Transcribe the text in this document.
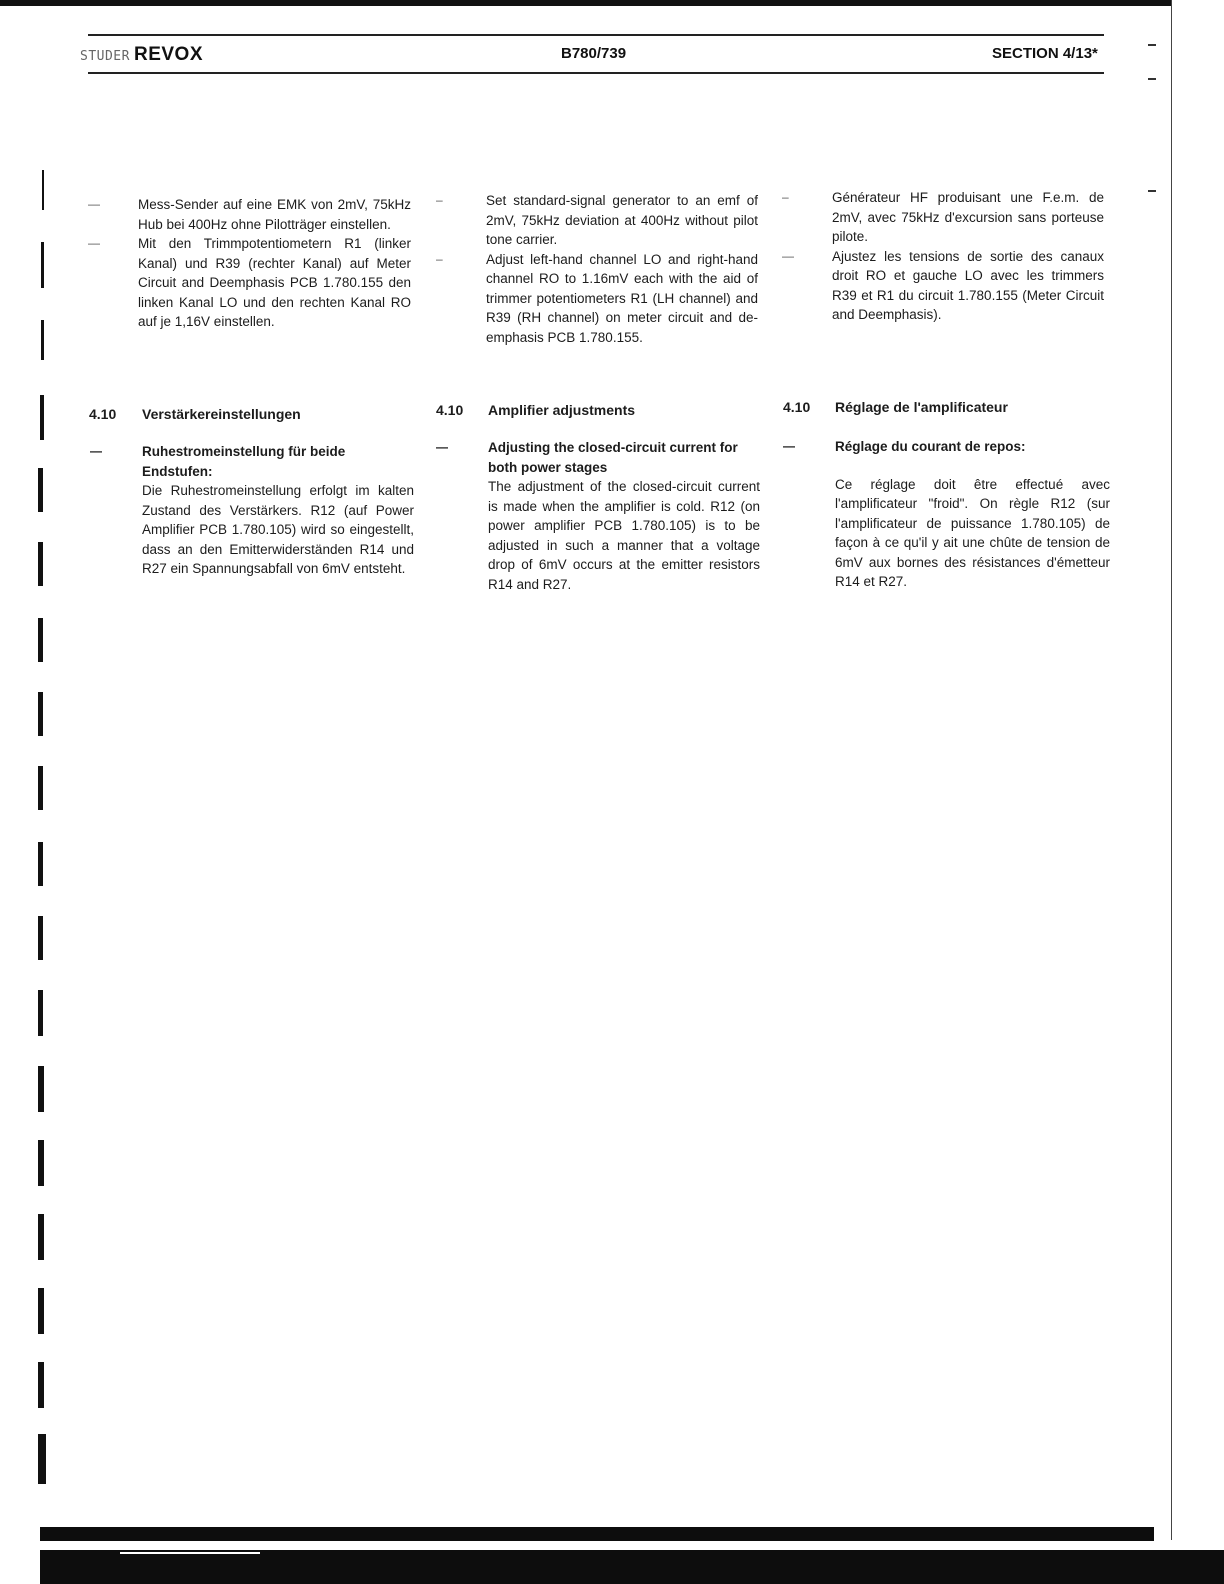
STUDER REVOX	B780/739	SECTION 4/13*
—	Mess-Sender auf eine EMK von 2mV, 75kHz Hub bei 400Hz ohne Pilotträger einstellen.
—	Mit den Trimmpotentiometern R1 (linker Kanal) und R39 (rechter Kanal) auf Meter Circuit and Deemphasis PCB 1.780.155 den linken Kanal LO und den rechten Kanal RO auf je 1,16V einstellen.
–	Set standard-signal generator to an emf of 2mV, 75kHz deviation at 400Hz without pilot tone carrier.
–	Adjust left-hand channel LO and right-hand channel RO to 1.16mV each with the aid of trimmer potentiometers R1 (LH channel) and R39 (RH channel) on meter circuit and de-emphasis PCB 1.780.155.
–	Générateur HF produisant une F.e.m. de 2mV, avec 75kHz d'excursion sans porteuse pilote.
—	Ajustez les tensions de sortie des canaux droit RO et gauche LO avec les trimmers R39 et R1 du circuit 1.780.155 (Meter Circuit and Deemphasis).
4.10 Verstärkereinstellungen
—	Ruhestromeinstellung für beide Endstufen:
Die Ruhestromeinstellung erfolgt im kalten Zustand des Verstärkers. R12 (auf Power Amplifier PCB 1.780.105) wird so eingestellt, dass an den Emitterwiderständen R14 und R27 ein Spannungsabfall von 6mV entsteht.
4.10 Amplifier adjustments
—	Adjusting the closed-circuit current for both power stages
The adjustment of the closed-circuit current is made when the amplifier is cold. R12 (on power amplifier PCB 1.780.105) is to be adjusted in such a manner that a voltage drop of 6mV occurs at the emitter resistors R14 and R27.
4.10 Réglage de l'amplificateur
—	Réglage du courant de repos:
Ce réglage doit être effectué avec l'amplificateur "froid". On règle R12 (sur l'amplificateur de puissance 1.780.105) de façon à ce qu'il y ait une chûte de tension de 6mV aux bornes des résistances d'émetteur R14 et R27.
